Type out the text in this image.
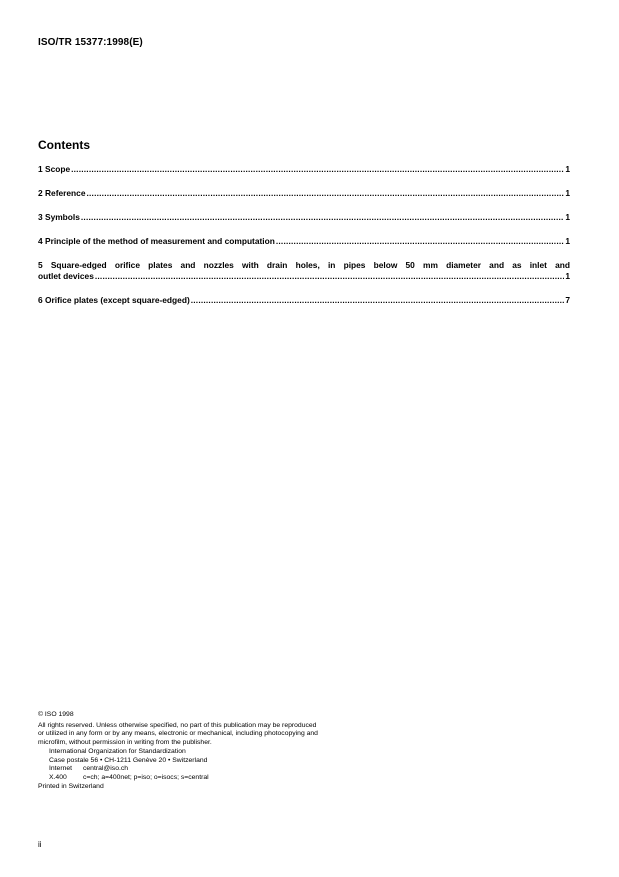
ISO/TR 15377:1998(E)
Contents
1 Scope .....	1
2 Reference .....	1
3 Symbols .....	1
4 Principle of the method of measurement and computation .....	1
5 Square-edged orifice plates and nozzles with drain holes, in pipes below 50 mm diameter and as inlet and
outlet devices .....	1
6 Orifice plates (except square-edged) .....	7
© ISO 1998
All rights reserved. Unless otherwise specified, no part of this publication may be reproduced
or utilized in any form or by any means, electronic or mechanical, including photocopying and
microfilm, without permission in writing from the publisher.
International Organization for Standardization
Case postale 56 • CH-1211 Genève 20 • Switzerland
Internet	central@iso.ch
X.400	c=ch; a=400net; p=iso; o=isocs; s=central
Printed in Switzerland
ii
